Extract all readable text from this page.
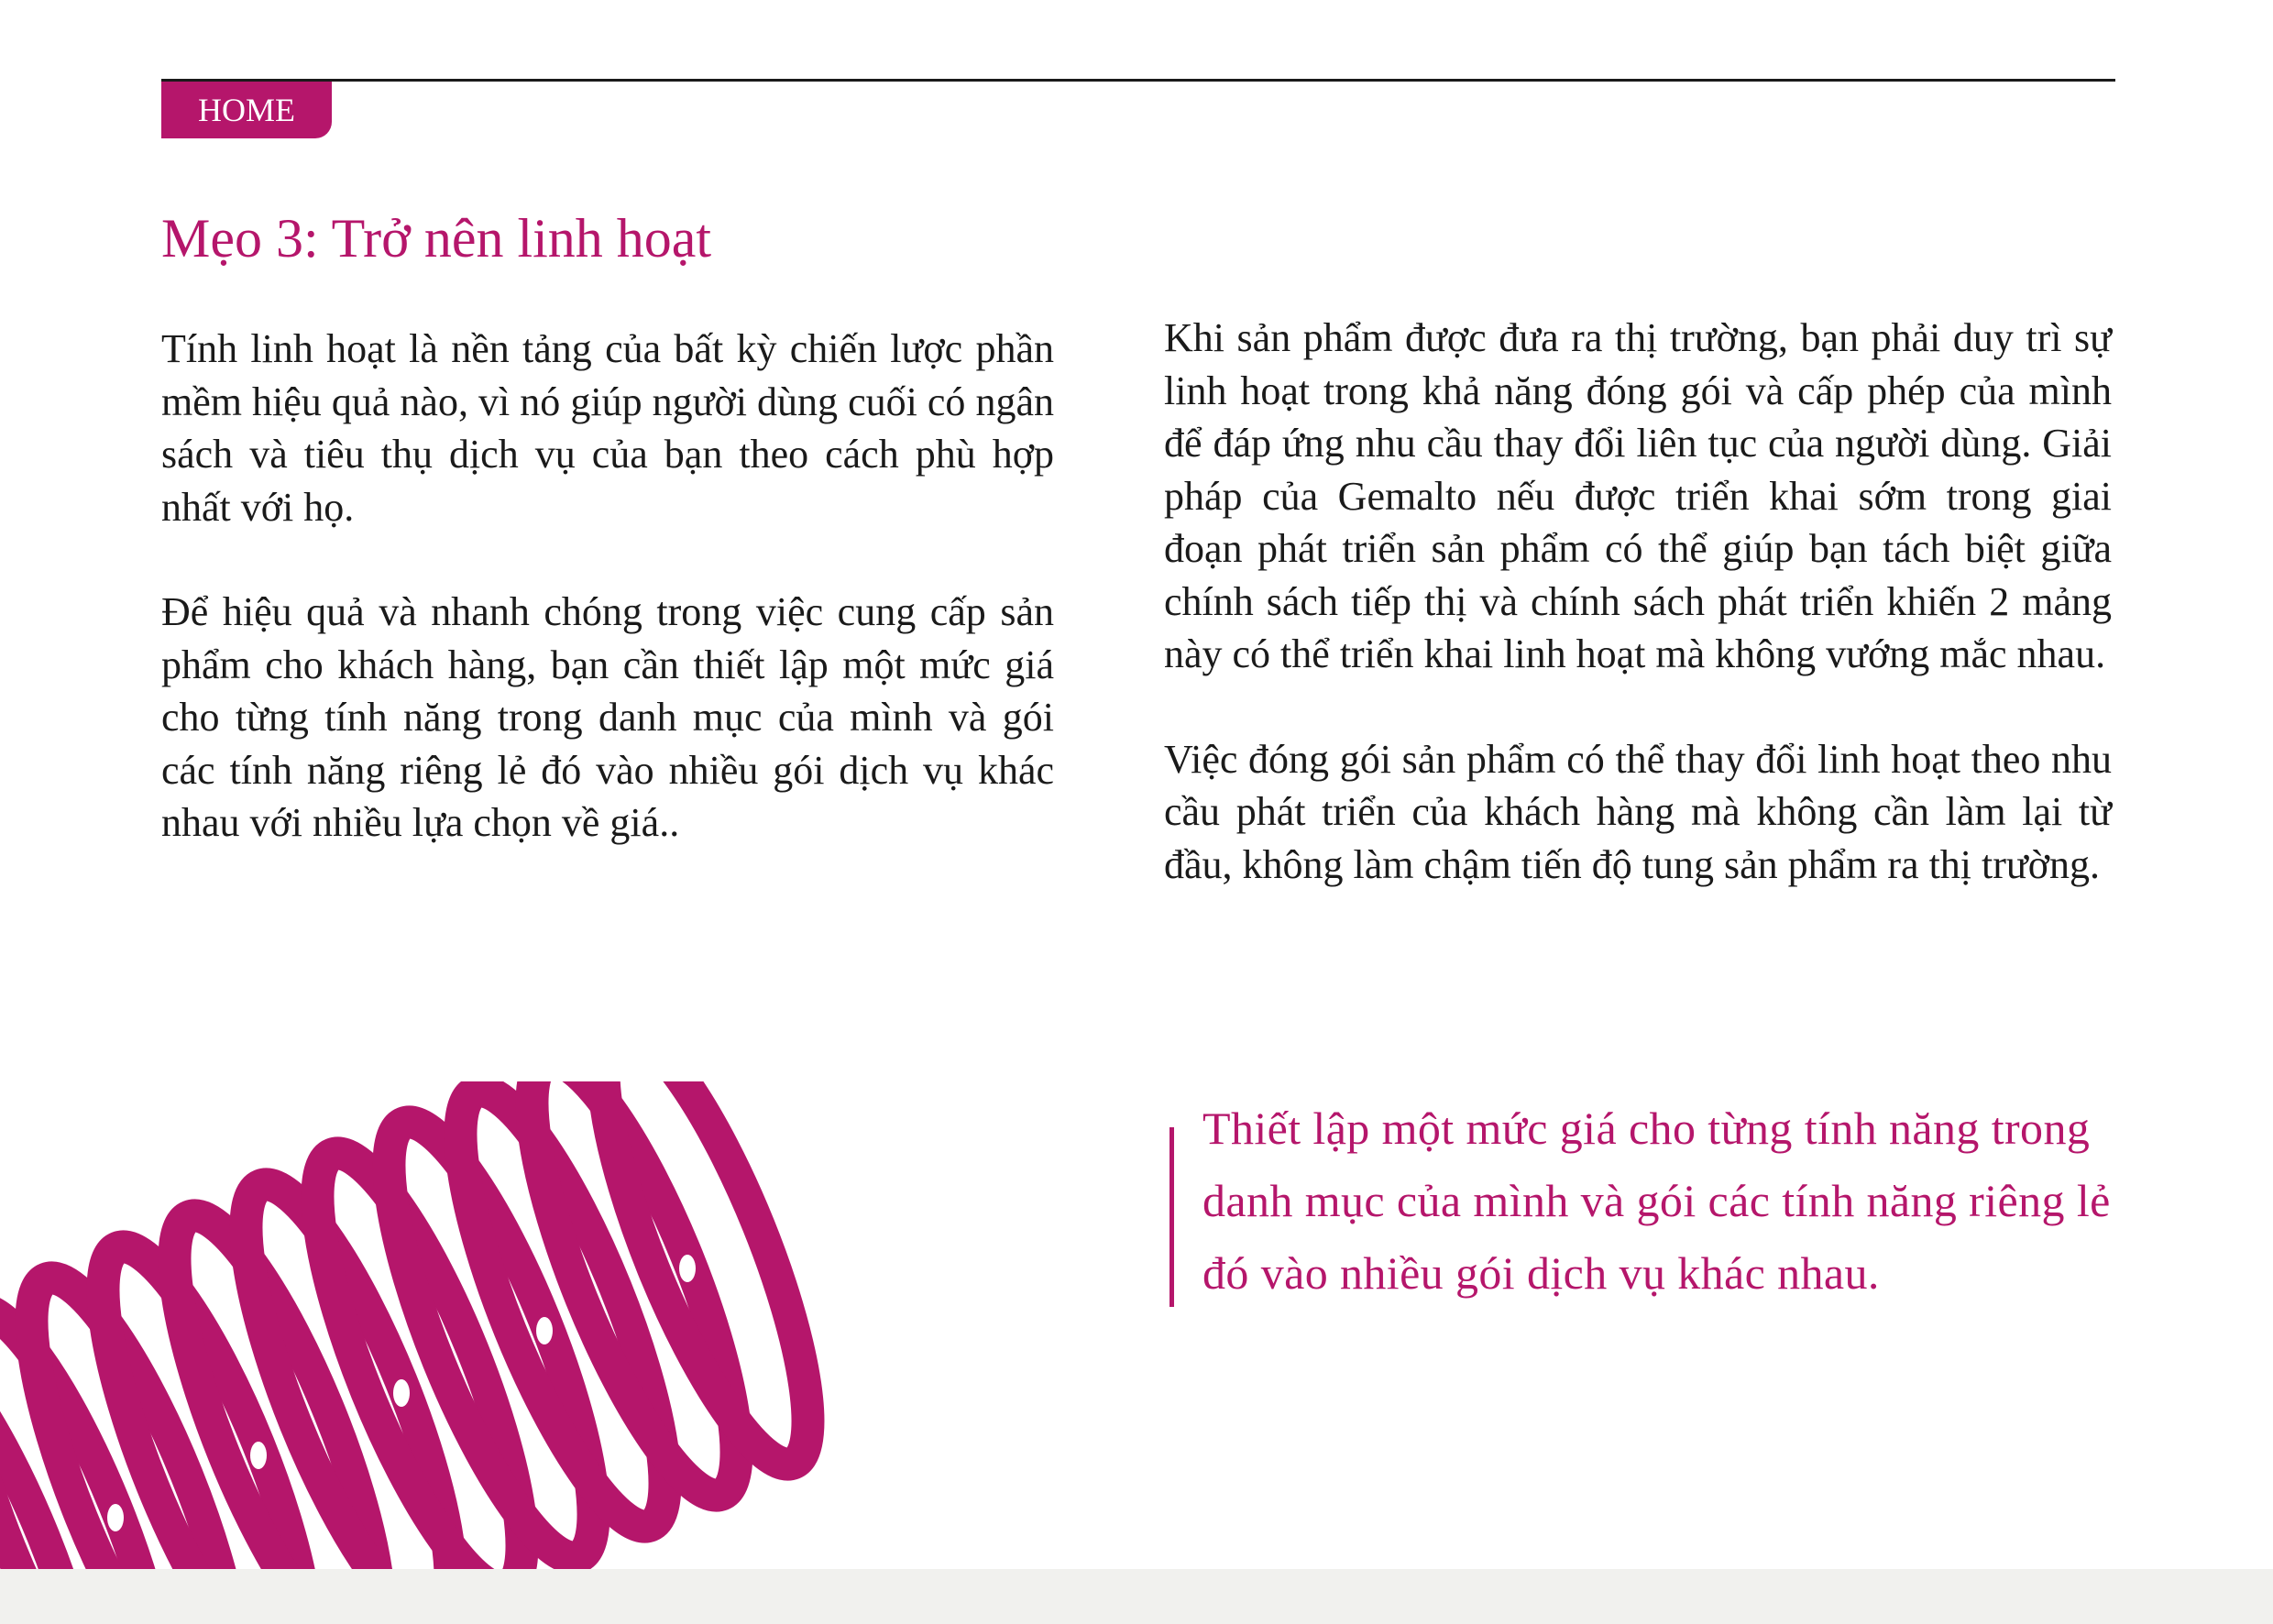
HOME
Mẹo 3: Trở nên linh hoạt

Tính linh hoạt là nền tảng của bất kỳ chiến lược phần mềm hiệu quả nào, vì nó giúp người dùng cuối có ngân sách và tiêu thụ dịch vụ của bạn theo cách phù hợp nhất với họ.

Để hiệu quả và nhanh chóng trong việc cung cấp sản phẩm cho khách hàng, bạn cần thiết lập một mức giá cho từng tính năng trong danh mục của mình và gói các tính năng riêng lẻ đó vào nhiều gói dịch vụ khác nhau với nhiều lựa chọn về giá..

Khi sản phẩm được đưa ra thị trường, bạn phải duy trì sự linh hoạt trong khả năng đóng gói và cấp phép của mình để đáp ứng nhu cầu thay đổi liên tục của người dùng. Giải pháp của Gemalto nếu được triển khai sớm trong giai đoạn phát triển sản phẩm có thể giúp bạn tách biệt giữa chính sách tiếp thị và chính sách phát triển khiến 2 mảng này có thể triển khai linh hoạt mà không vướng mắc nhau.

Việc đóng gói sản phẩm có thể thay đổi linh hoạt theo nhu cầu phát triển của khách hàng mà không cần làm lại từ đầu, không làm chậm tiến độ tung sản phẩm ra thị trường.

Thiết lập một mức giá cho từng tính năng trong danh mục của mình và gói các tính năng riêng lẻ đó vào nhiều gói dịch vụ khác nhau.
